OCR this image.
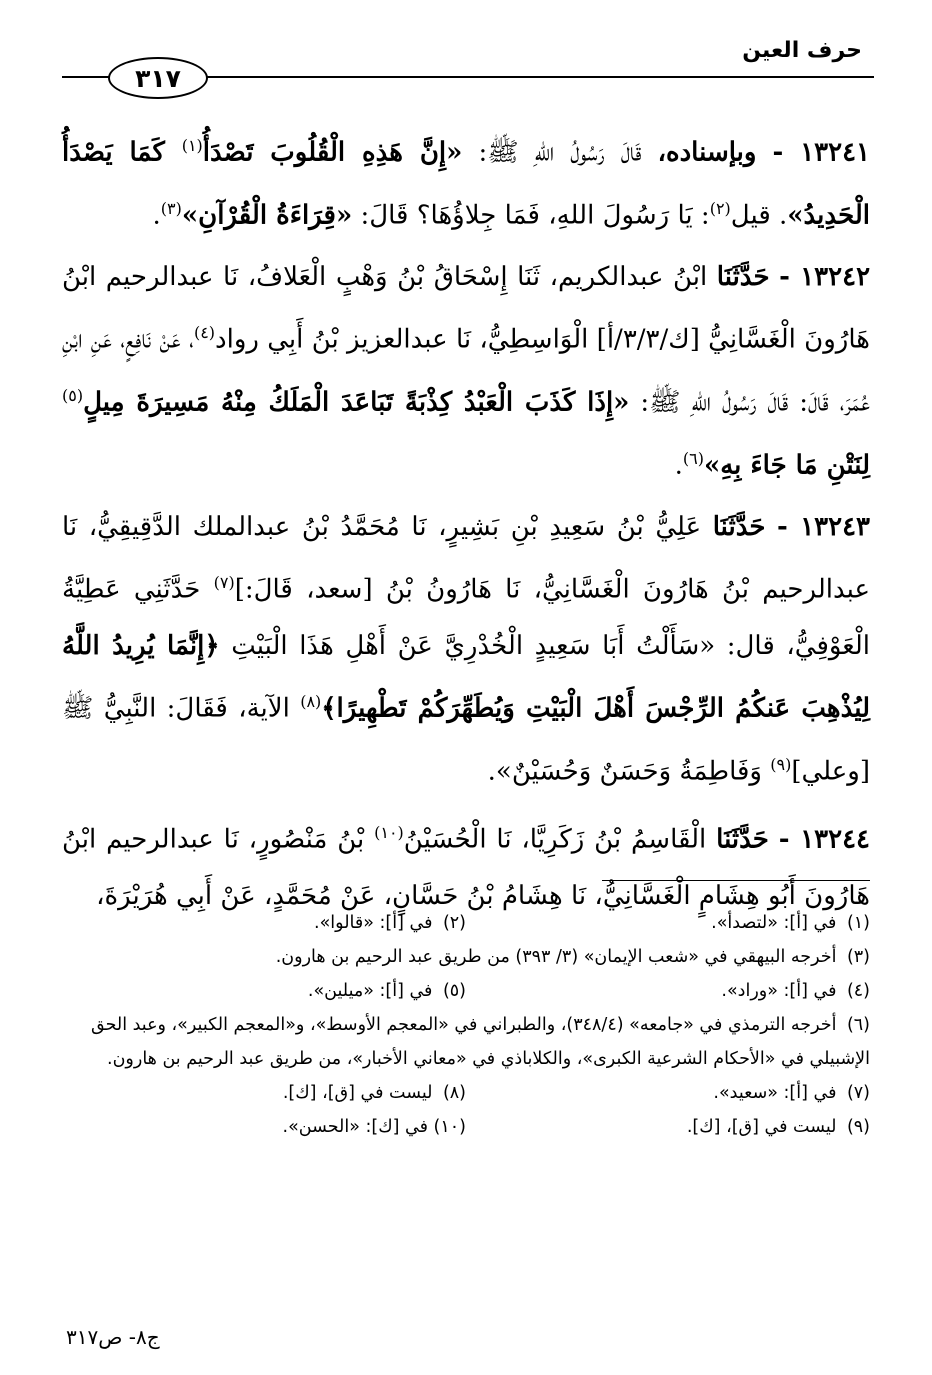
حرف العين
٣١٧

١٣٢٤١ - وبإسناده، قَالَ رَسُولُ اللهِ ﷺ: «إِنَّ هَذِهِ الْقُلُوبَ تَصْدَأُ$^{(١)}$ كَمَا يَصْدَأُ الْحَدِيدُ». قيل$^{(٢)}$: يَا رَسُولَ اللهِ، فَمَا جِلاؤُهَا؟ قَالَ: «قِرَاءَةُ الْقُرْآنِ»$^{(٣)}$.

١٣٢٤٢ - حَدَّثَنَا ابْنُ عبدالكريم، ثَنَا إِسْحَاقُ بْنُ وَهْبٍ الْعَلافُ، نَا عبدالرحيم ابْنُ هَارُونَ الْغَسَّانِيُّ [ك/٣/٣/أ] الْوَاسِطِيُّ، نَا عبدالعزيز بْنُ أَبِي رواد$^{(٤)}$، عَنْ نَافِعٍ، عَنِ ابْنِ عُمَرَ، قَالَ: قَالَ رَسُولُ اللهِ ﷺ: «إِذَا كَذَبَ الْعَبْدُ كِذْبَةً تَبَاعَدَ الْمَلَكُ مِنْهُ مَسِيرَةَ مِيلٍ$^{(٥)}$ لِنَتْنِ مَا جَاءَ بِهِ»$^{(٦)}$.

١٣٢٤٣ - حَدَّثَنَا عَلِيُّ بْنُ سَعِيدِ بْنِ بَشِيرٍ، نَا مُحَمَّدُ بْنُ عبدالملك الدَّقِيقِيُّ، نَا عبدالرحيم بْنُ هَارُونَ الْغَسَّانِيُّ، نَا هَارُونُ بْنُ [سعد، قَالَ:]$^{(٧)}$ حَدَّثَنِي عَطِيَّةُ الْعَوْفِيُّ، قال: «سَأَلْتُ أَبَا سَعِيدٍ الْخُدْرِيَّ عَنْ أَهْلِ هَذَا الْبَيْتِ ﴿إِنَّمَا يُرِيدُ اللَّهُ لِيُذْهِبَ عَنكُمُ الرِّجْسَ أَهْلَ الْبَيْتِ وَيُطَهِّرَكُمْ تَطْهِيرًا﴾$^{(٨)}$ الآية، فَقَالَ: النَّبِيُّ ﷺ [وعلي]$^{(٩)}$ وَفَاطِمَةُ وَحَسَنٌ وَحُسَيْنٌ».

١٣٢٤٤ - حَدَّثَنَا الْقَاسِمُ بْنُ زَكَرِيَّا، نَا الْحُسَيْنُ$^{(١٠)}$ بْنُ مَنْصُورٍ، نَا عبدالرحيم ابْنُ هَارُونَ أَبُو هِشَامٍ الْغَسَّانِيُّ، نَا هِشَامُ بْنُ حَسَّانٍ، عَنْ مُحَمَّدٍ، عَنْ أَبِي هُرَيْرَةَ،

(١) في [أ]: «لتصدأ».
(٢) في [أ]: «قالوا».
(٣) أخرجه البيهقي في «شعب الإيمان» (٣/ ٣٩٣) من طريق عبد الرحيم بن هارون.
(٤) في [أ]: «وراد».
(٥) في [أ]: «ميلين».
(٦) أخرجه الترمذي في «جامعه» (٣٤٨/٤)، والطبراني في «المعجم الأوسط»، و«المعجم الكبير»، وعبد الحق الإشبيلي في «الأحكام الشرعية الكبرى»، والكلاباذي في «معاني الأخبار»، من طريق عبد الرحيم بن هارون.
(٧) في [أ]: «سعيد».
(٨) ليست في [ق]، [ك].
(٩) ليست في [ق]، [ك].
(١٠) في [ك]: «الحسن».
ج٨- ص٣١٧
